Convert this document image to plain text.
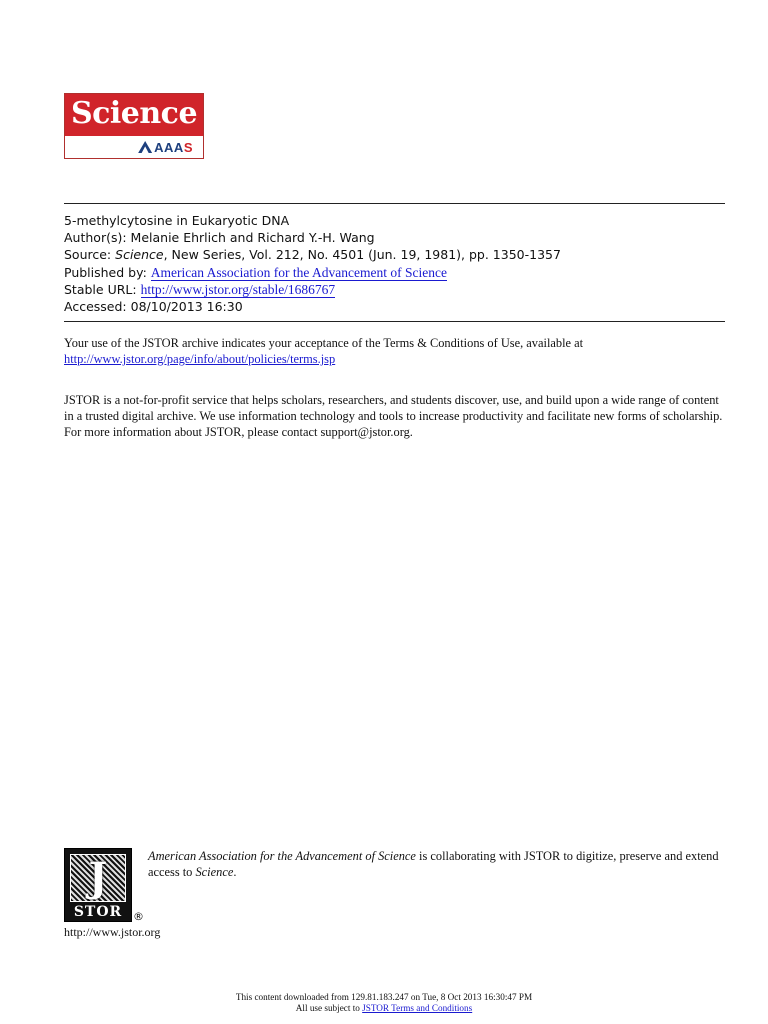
Science
AAAS
5-methylcytosine in Eukaryotic DNA
Author(s): Melanie Ehrlich and Richard Y.-H. Wang
Source: Science, New Series, Vol. 212, No. 4501 (Jun. 19, 1981), pp. 1350-1357
Published by: American Association for the Advancement of Science
Stable URL: http://www.jstor.org/stable/1686767
Accessed: 08/10/2013 16:30
Your use of the JSTOR archive indicates your acceptance of the Terms & Conditions of Use, available at
http://www.jstor.org/page/info/about/policies/terms.jsp
JSTOR is a not-for-profit service that helps scholars, researchers, and students discover, use, and build upon a wide range of content in a trusted digital archive. We use information technology and tools to increase productivity and facilitate new forms of scholarship. For more information about JSTOR, please contact support@jstor.org.
J
STOR ®
American Association for the Advancement of Science is collaborating with JSTOR to digitize, preserve and extend access to Science.
http://www.jstor.org
This content downloaded from 129.81.183.247 on Tue, 8 Oct 2013 16:30:47 PM
All use subject to JSTOR Terms and Conditions
